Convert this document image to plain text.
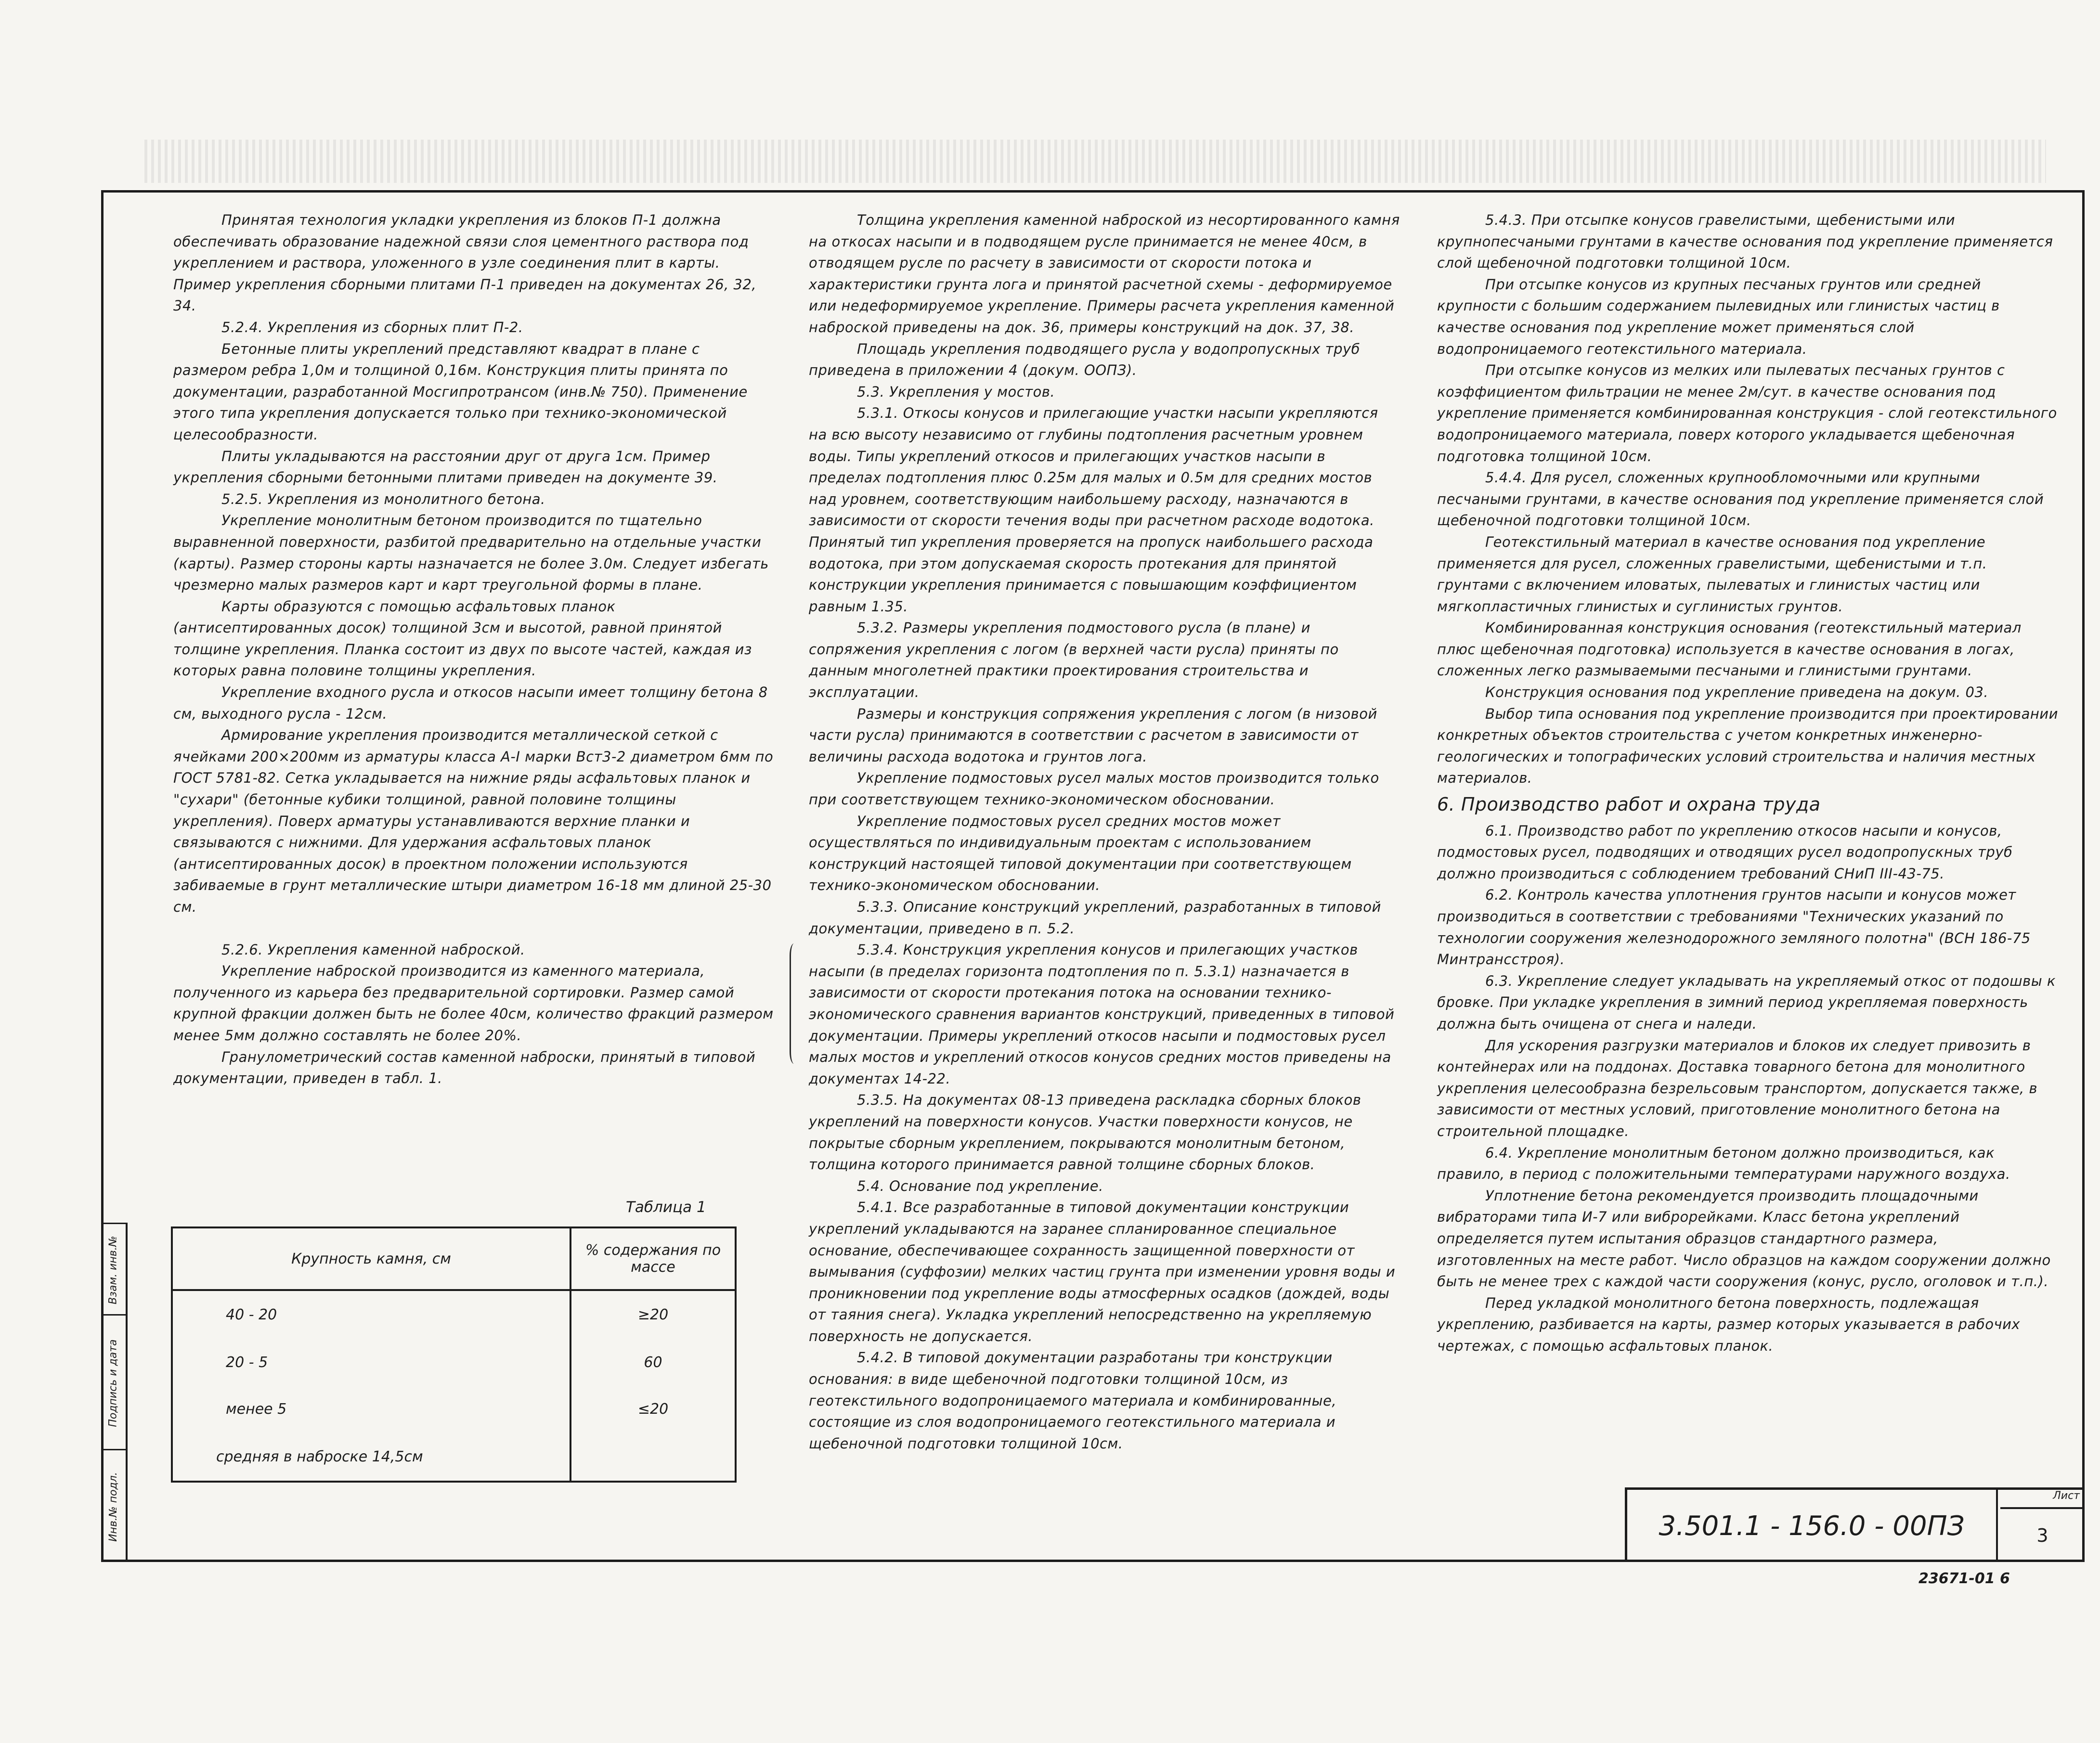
Инв.№ подл.
Подпись и дата
Взам. инв.№

Принятая технология укладки укрепления из блоков П-1 должна обеспечивать образование надежной связи слоя цементного раствора под укреплением и раствора, уложенного в узле соединения плит в карты. Пример укрепления сборными плитами П-1 приведен на документах 26, 32, 34.

5.2.4. Укрепления из сборных плит П-2.

Бетонные плиты укреплений представляют квадрат в плане с размером ребра 1,0м и толщиной 0,16м. Конструкция плиты принята по документации, разработанной Мосгипротрансом (инв.№ 750). Применение этого типа укрепления допускается только при технико-экономической целесообразности.

Плиты укладываются на расстоянии друг от друга 1см. Пример укрепления сборными бетонными плитами приведен на документе 39.

5.2.5. Укрепления из монолитного бетона.

Укрепление монолитным бетоном производится по тщательно выравненной поверхности, разбитой предварительно на отдельные участки (карты). Размер стороны карты назначается не более 3.0м. Следует избегать чрезмерно малых размеров карт и карт треугольной формы в плане.

Карты образуются с помощью асфальтовых планок (антисептированных досок) толщиной 3см и высотой, равной принятой толщине укрепления. Планка состоит из двух по высоте частей, каждая из которых равна половине толщины укрепления.

Укрепление входного русла и откосов насыпи имеет толщину бетона 8 см, выходного русла - 12см.

Армирование укрепления производится металлической сеткой с ячейками 200×200мм из арматуры класса А-I марки Вст3-2 диаметром 6мм по ГОСТ 5781-82. Сетка укладывается на нижние ряды асфальтовых планок и "сухари" (бетонные кубики толщиной, равной половине толщины укрепления). Поверх арматуры устанавливаются верхние планки и связываются с нижними. Для удержания асфальтовых планок (антисептированных досок) в проектном положении используются забиваемые в грунт металлические штыри диаметром 16-18 мм длиной 25-30 см.

5.2.6. Укрепления каменной наброской.

Укрепление наброской производится из каменного материала, полученного из карьера без предварительной сортировки. Размер самой крупной фракции должен быть не более 40см, количество фракций размером менее 5мм должно составлять не более 20%.

Гранулометрический состав каменной наброски, принятый в типовой документации, приведен в табл. 1.

Таблица 1
Крупность камня, см	% содержания по массе
40 - 20	≥20
20 - 5	60
менее 5	≤20
средняя в наброске 14,5см	

Толщина укрепления каменной наброской из несортированного камня на откосах насыпи и в подводящем русле принимается не менее 40см, в отводящем русле по расчету в зависимости от скорости потока и характеристики грунта лога и принятой расчетной схемы - деформируемое или недеформируемое укрепление. Примеры расчета укрепления каменной наброской приведены на док. 36, примеры конструкций на док. 37, 38.

Площадь укрепления подводящего русла у водопропускных труб приведена в приложении 4 (докум. ООПЗ).

5.3. Укрепления у мостов.

5.3.1. Откосы конусов и прилегающие участки насыпи укрепляются на всю высоту независимо от глубины подтопления расчетным уровнем воды. Типы укреплений откосов и прилегающих участков насыпи в пределах подтопления плюс 0.25м для малых и 0.5м для средних мостов над уровнем, соответствующим наибольшему расходу, назначаются в зависимости от скорости течения воды при расчетном расходе водотока. Принятый тип укрепления проверяется на пропуск наибольшего расхода водотока, при этом допускаемая скорость протекания для принятой конструкции укрепления принимается с повышающим коэффициентом равным 1.35.

5.3.2. Размеры укрепления подмостового русла (в плане) и сопряжения укрепления с логом (в верхней части русла) приняты по данным многолетней практики проектирования строительства и эксплуатации.

Размеры и конструкция сопряжения укрепления с логом (в низовой части русла) принимаются в соответствии с расчетом в зависимости от величины расхода водотока и грунтов лога.

Укрепление подмостовых русел малых мостов производится только при соответствующем технико-экономическом обосновании.

Укрепление подмостовых русел средних мостов может осуществляться по индивидуальным проектам с использованием конструкций настоящей типовой документации при соответствующем технико-экономическом обосновании.

5.3.3. Описание конструкций укреплений, разработанных в типовой документации, приведено в п. 5.2.

5.3.4. Конструкция укрепления конусов и прилегающих участков насыпи (в пределах горизонта подтопления по п. 5.3.1) назначается в зависимости от скорости протекания потока на основании технико-экономического сравнения вариантов конструкций, приведенных в типовой документации. Примеры укреплений откосов насыпи и подмостовых русел малых мостов и укреплений откосов конусов средних мостов приведены на документах 14-22.

5.3.5. На документах 08-13 приведена раскладка сборных блоков укреплений на поверхности конусов. Участки поверхности конусов, не покрытые сборным укреплением, покрываются монолитным бетоном, толщина которого принимается равной толщине сборных блоков.

5.4. Основание под укрепление.

5.4.1. Все разработанные в типовой документации конструкции укреплений укладываются на заранее спланированное специальное основание, обеспечивающее сохранность защищенной поверхности от вымывания (суффозии) мелких частиц грунта при изменении уровня воды и проникновении под укрепление воды атмосферных осадков (дождей, воды от таяния снега). Укладка укреплений непосредственно на укрепляемую поверхность не допускается.

5.4.2. В типовой документации разработаны три конструкции основания: в виде щебеночной подготовки толщиной 10см, из геотекстильного водопроницаемого материала и комбинированные, состоящие из слоя водопроницаемого геотекстильного материала и щебеночной подготовки толщиной 10см.

5.4.3. При отсыпке конусов гравелистыми, щебенистыми или крупнопесчаными грунтами в качестве основания под укрепление применяется слой щебеночной подготовки толщиной 10см.

При отсыпке конусов из крупных песчаных грунтов или средней крупности с большим содержанием пылевидных или глинистых частиц в качестве основания под укрепление может применяться слой водопроницаемого геотекстильного материала.

При отсыпке конусов из мелких или пылеватых песчаных грунтов с коэффициентом фильтрации не менее 2м/сут. в качестве основания под укрепление применяется комбинированная конструкция - слой геотекстильного водопроницаемого материала, поверх которого укладывается щебеночная подготовка толщиной 10см.

5.4.4. Для русел, сложенных крупнообломочными или крупными песчаными грунтами, в качестве основания под укрепление применяется слой щебеночной подготовки толщиной 10см.

Геотекстильный материал в качестве основания под укрепление применяется для русел, сложенных гравелистыми, щебенистыми и т.п. грунтами с включением иловатых, пылеватых и глинистых частиц или мягкопластичных глинистых и суглинистых грунтов.

Комбинированная конструкция основания (геотекстильный материал плюс щебеночная подготовка) используется в качестве основания в логах, сложенных легко размываемыми песчаными и глинистыми грунтами.

Конструкция основания под укрепление приведена на докум. 03.

Выбор типа основания под укрепление производится при проектировании конкретных объектов строительства с учетом конкретных инженерно-геологических и топографических условий строительства и наличия местных материалов.

6. Производство работ и охрана труда

6.1. Производство работ по укреплению откосов насыпи и конусов, подмостовых русел, подводящих и отводящих русел водопропускных труб должно производиться с соблюдением требований СНиП III-43-75.

6.2. Контроль качества уплотнения грунтов насыпи и конусов может производиться в соответствии с требованиями "Технических указаний по технологии сооружения железнодорожного земляного полотна" (ВСН 186-75 Минтрансстроя).

6.3. Укрепление следует укладывать на укрепляемый откос от подошвы к бровке. При укладке укрепления в зимний период укрепляемая поверхность должна быть очищена от снега и наледи.

Для ускорения разгрузки материалов и блоков их следует привозить в контейнерах или на поддонах. Доставка товарного бетона для монолитного укрепления целесообразна безрельсовым транспортом, допускается также, в зависимости от местных условий, приготовление монолитного бетона на строительной площадке.

6.4. Укрепление монолитным бетоном должно производиться, как правило, в период с положительными температурами наружного воздуха.

Уплотнение бетона рекомендуется производить площадочными вибраторами типа И-7 или виброрейками. Класс бетона укреплений определяется путем испытания образцов стандартного размера, изготовленных на месте работ. Число образцов на каждом сооружении должно быть не менее трех с каждой части сооружения (конус, русло, оголовок и т.п.).

Перед укладкой монолитного бетона поверхность, подлежащая укреплению, разбивается на карты, размер которых указывается в рабочих чертежах, с помощью асфальтовых планок.

3.501.1 - 156.0 - 00ПЗ
Лист
3
23671-01 6
